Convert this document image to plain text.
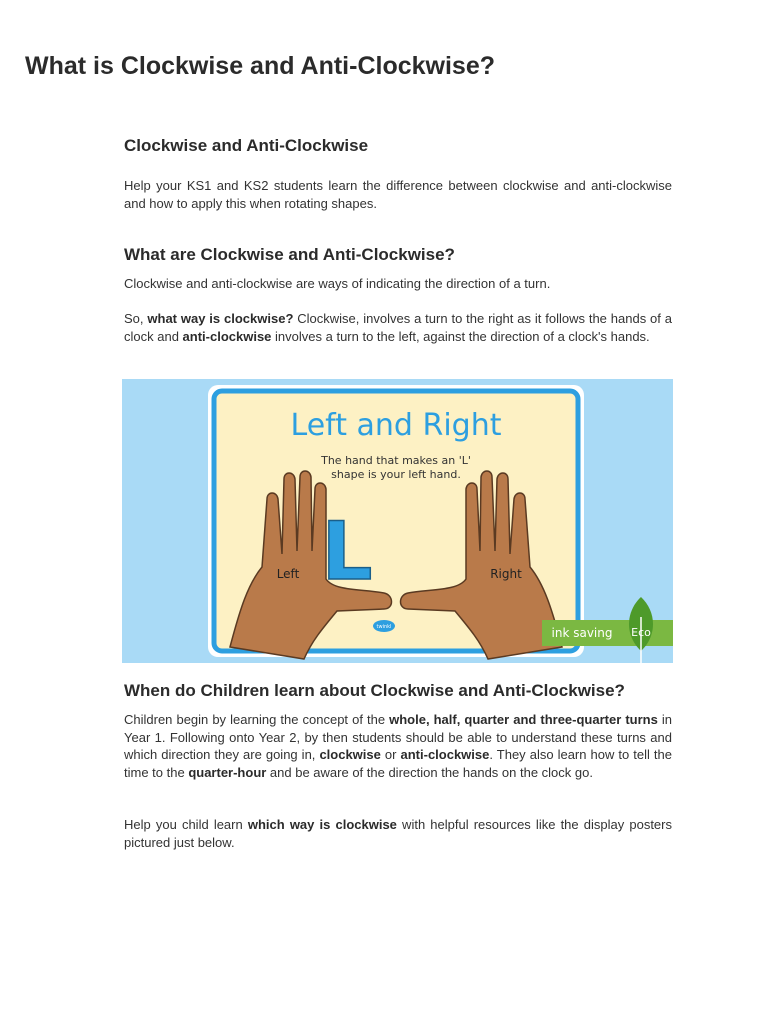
What is Clockwise and Anti-Clockwise?
Clockwise and Anti-Clockwise

Help your KS1 and KS2 students learn the difference between clockwise and anti-clockwise and how to apply this when rotating shapes.

What are Clockwise and Anti-Clockwise?

Clockwise and anti-clockwise are ways of indicating the direction of a turn.

So, what way is clockwise? Clockwise, involves a turn to the right as it follows the hands of a clock and anti-clockwise involves a turn to the left, against the direction of a clock's hands.

When do Children learn about Clockwise and Anti-Clockwise?

Children begin by learning the concept of the whole, half, quarter and three-quarter turns in Year 1. Following onto Year 2, by then students should be able to understand these turns and which direction they are going in, clockwise or anti-clockwise. They also learn how to tell the time to the quarter-hour and be aware of the direction the hands on the clock go.

Help you child learn which way is clockwise with helpful resources like the display posters pictured just below.

Left and Right
The hand that makes an 'L'
shape is your left hand.
L
Left	Right
twinkl	ink saving Eco
